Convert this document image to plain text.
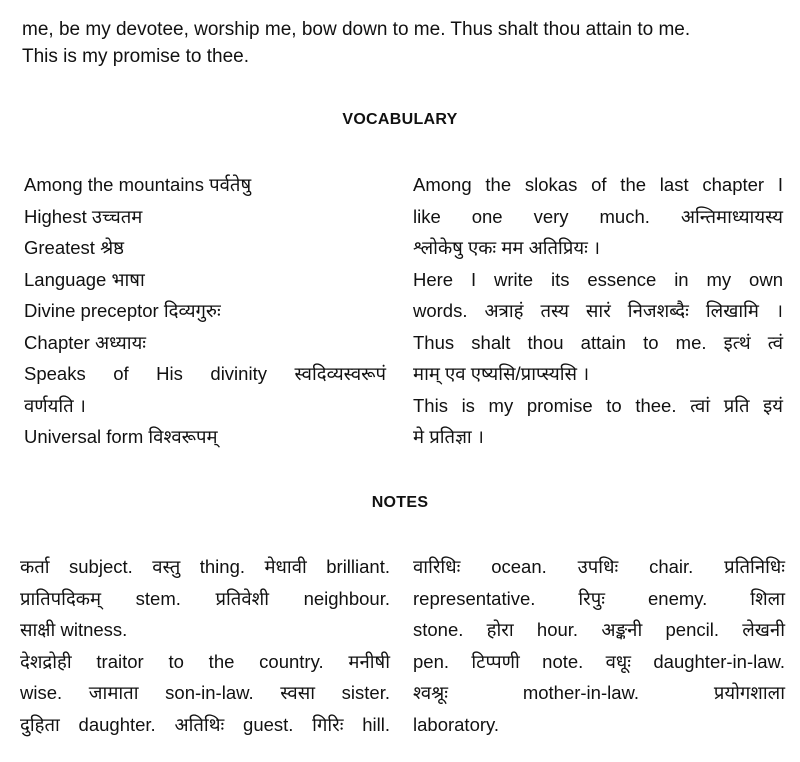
me, be my devotee, worship me, bow down to me. Thus shalt thou attain to me.
This is my promise to thee.
VOCABULARY
Among the mountains पर्वतेषु
Highest उच्चतम
Greatest श्रेष्ठ
Language भाषा
Divine preceptor दिव्यगुरुः
Chapter अध्यायः
Speaks of His divinity स्वदिव्यस्वरूपं
वर्णयति ।
Universal form विश्वरूपम्
Among the slokas of the last chapter I
like one very much. अन्तिमाध्यायस्य
श्लोकेषु एकः मम अतिप्रियः ।
Here I write its essence in my own
words. अत्राहं तस्य सारं निजशब्दैः लिखामि ।
Thus shalt thou attain to me. इत्थं त्वं
माम् एव एष्यसि/प्राप्स्यसि ।
This is my promise to thee. त्वां प्रति इयं
मे प्रतिज्ञा ।
NOTES
कर्ता subject. वस्तु thing. मेधावी brilliant.
प्रातिपदिकम् stem. प्रतिवेशी neighbour.
साक्षी witness.
देशद्रोही traitor to the country. मनीषी
wise. जामाता son-in-law. स्वसा sister.
दुहिता daughter. अतिथिः guest. गिरिः hill.
वारिधिः ocean. उपधिः chair. प्रतिनिधिः
representative. रिपुः enemy. शिला
stone. होरा hour. अङ्कनी pencil. लेखनी
pen. टिप्पणी note. वधूः daughter-in-law.
श्वश्रूः mother-in-law. प्रयोगशाला
laboratory.
